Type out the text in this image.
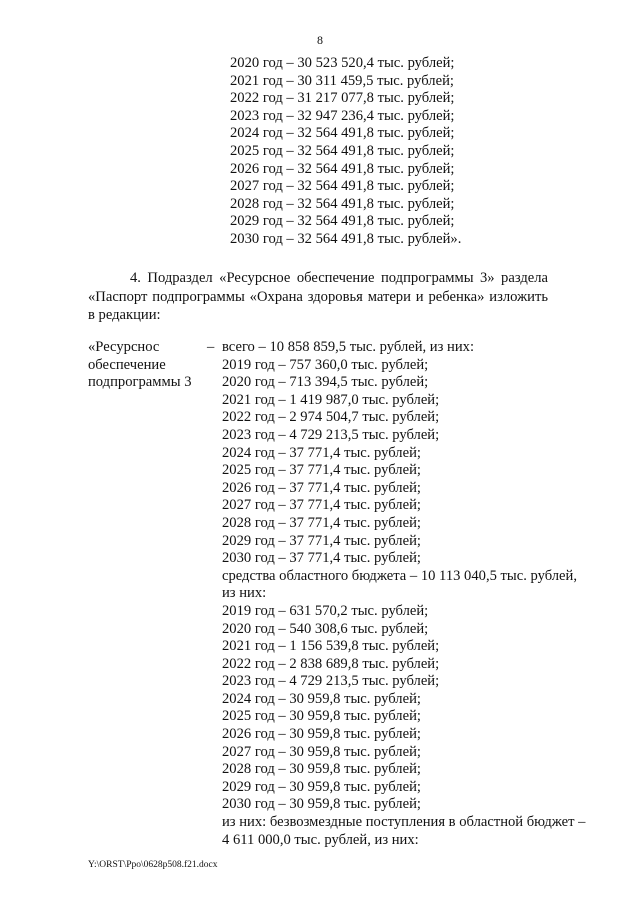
8
2020 год – 30 523 520,4 тыс. рублей;
2021 год – 30 311 459,5 тыс. рублей;
2022 год – 31 217 077,8 тыс. рублей;
2023 год – 32 947 236,4 тыс. рублей;
2024 год – 32 564 491,8 тыс. рублей;
2025 год – 32 564 491,8 тыс. рублей;
2026 год – 32 564 491,8 тыс. рублей;
2027 год – 32 564 491,8 тыс. рублей;
2028 год – 32 564 491,8 тыс. рублей;
2029 год – 32 564 491,8 тыс. рублей;
2030 год – 32 564 491,8 тыс. рублей».
4. Подраздел «Ресурсное обеспечение подпрограммы 3» раздела
«Паспорт подпрограммы «Охрана здоровья матери и ребенка» изложить
в редакции:
«Ресурснос
обеспечение
подпрограммы 3
– всего – 10 858 859,5 тыс. рублей, из них:
2019 год – 757 360,0 тыс. рублей;
2020 год – 713 394,5 тыс. рублей;
2021 год – 1 419 987,0 тыс. рублей;
2022 год – 2 974 504,7 тыс. рублей;
2023 год – 4 729 213,5 тыс. рублей;
2024 год – 37 771,4 тыс. рублей;
2025 год – 37 771,4 тыс. рублей;
2026 год – 37 771,4 тыс. рублей;
2027 год – 37 771,4 тыс. рублей;
2028 год – 37 771,4 тыс. рублей;
2029 год – 37 771,4 тыс. рублей;
2030 год – 37 771,4 тыс. рублей;
средства областного бюджета – 10 113 040,5 тыс. рублей,
из них:
2019 год – 631 570,2 тыс. рублей;
2020 год – 540 308,6 тыс. рублей;
2021 год – 1 156 539,8 тыс. рублей;
2022 год – 2 838 689,8 тыс. рублей;
2023 год – 4 729 213,5 тыс. рублей;
2024 год – 30 959,8 тыс. рублей;
2025 год – 30 959,8 тыс. рублей;
2026 год – 30 959,8 тыс. рублей;
2027 год – 30 959,8 тыс. рублей;
2028 год – 30 959,8 тыс. рублей;
2029 год – 30 959,8 тыс. рублей;
2030 год – 30 959,8 тыс. рублей;
из них: безвозмездные поступления в областной бюджет –
4 611 000,0 тыс. рублей, из них:
Y:\ORST\Ppo\0628p508.f21.docx
